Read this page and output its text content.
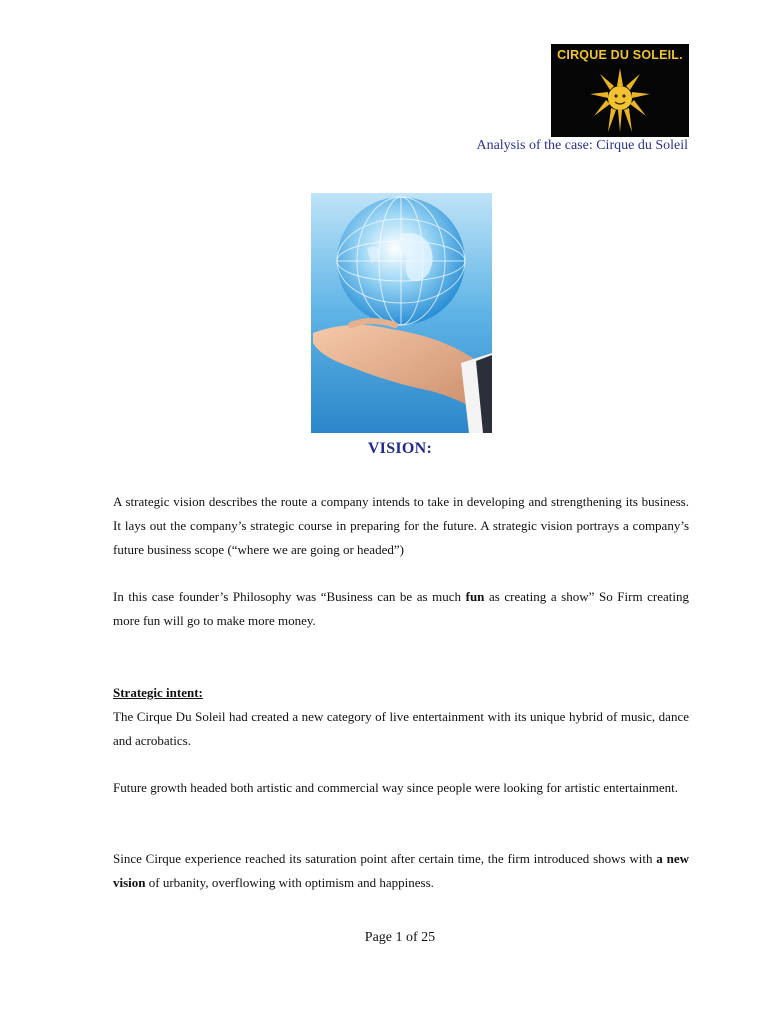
CIRQUE DU SOLEIL.
Analysis of the case: Cirque du Soleil
VISION:

A strategic vision describes the route a company intends to take in developing and strengthening its business. It lays out the company’s strategic course in preparing for the future. A strategic vision portrays a company’s future business scope (“where we are going or headed”)

In this case founder’s Philosophy was “Business can be as much fun as creating a show” So Firm creating more fun will go to make more money.

Strategic intent:

The Cirque Du Soleil had created a new category of live entertainment with its unique hybrid of music, dance and acrobatics.

Future growth headed both artistic and commercial way since people were looking for artistic entertainment.

Since Cirque experience reached its saturation point after certain time, the firm introduced shows with a new vision of urbanity, overflowing with optimism and happiness.

Page 1 of 25
